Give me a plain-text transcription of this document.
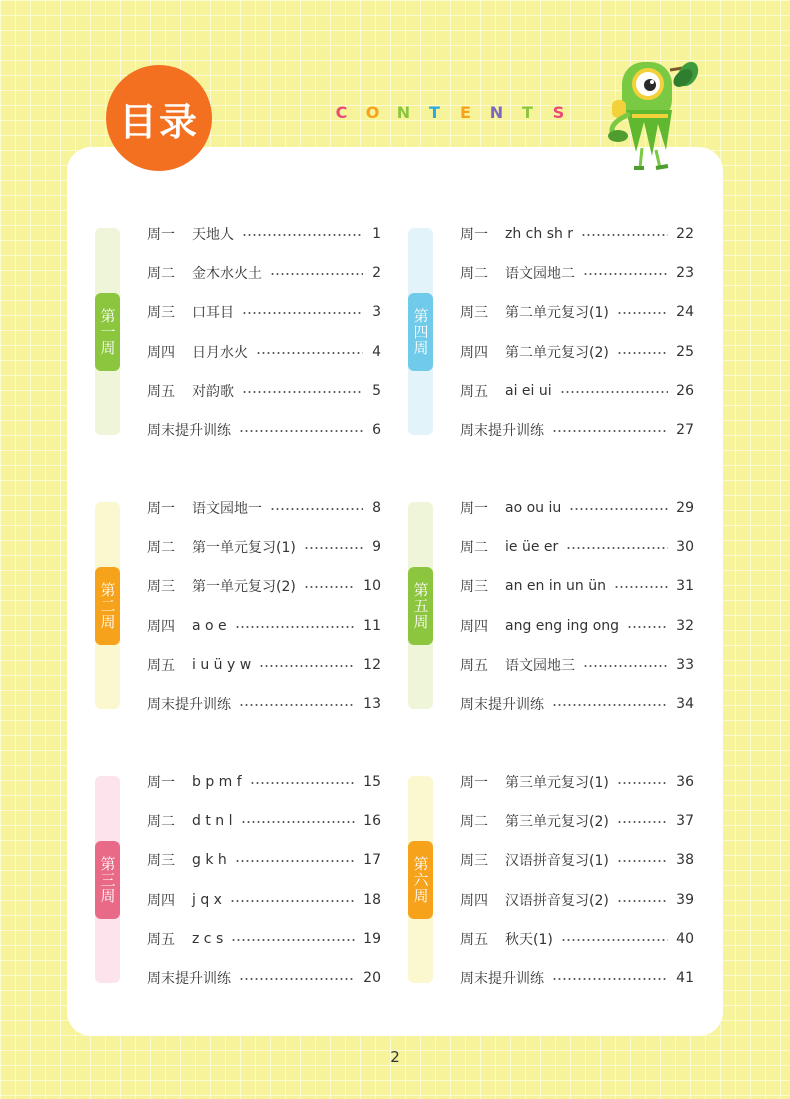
目录	C	O	N	T	E	N	T	S
第一周
周一	天地人	1
周二	金木水火土	2
周三	口耳目	3
周四	日月水火	4
周五	对韵歌	5
周末提升训练	6
第二周
周一	语文园地一	8
周二	第一单元复习(1)	9
周三	第一单元复习(2)	10
周四	a o e	11
周五	i u ü y w	12
周末提升训练	13
第三周
周一	b p m f	15
周二	d t n l	16
周三	g k h	17
周四	j q x	18
周五	z c s	19
周末提升训练	20
第四周
周一	zh ch sh r	22
周二	语文园地二	23
周三	第二单元复习(1)	24
周四	第二单元复习(2)	25
周五	ai ei ui	26
周末提升训练	27
第五周
周一	ao ou iu	29
周二	ie üe er	30
周三	an en in un ün	31
周四	ang eng ing ong	32
周五	语文园地三	33
周末提升训练	34
第六周
周一	第三单元复习(1)	36
周二	第三单元复习(2)	37
周三	汉语拼音复习(1)	38
周四	汉语拼音复习(2)	39
周五	秋天(1)	40
周末提升训练	41
2
